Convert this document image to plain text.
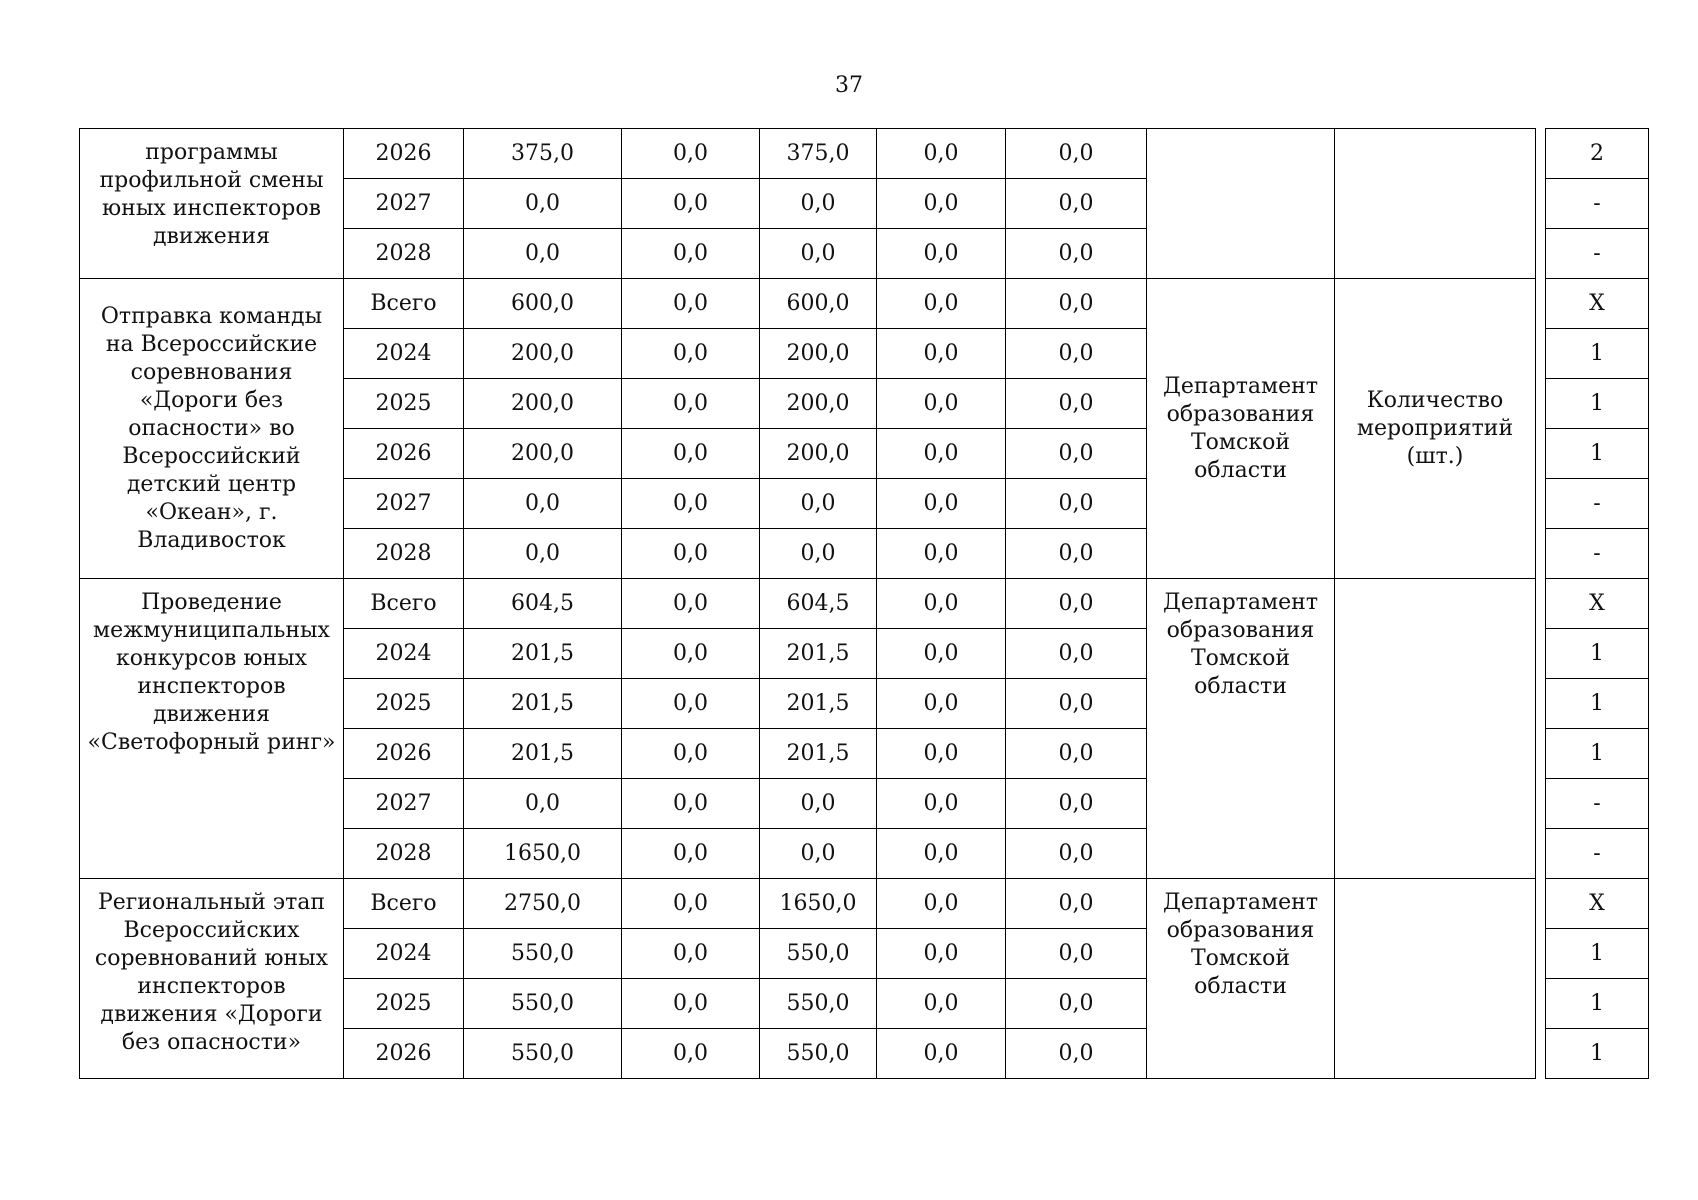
37
программы профильной смены юных инспекторов движения	2026	375,0	0,0	375,0	0,0	0,0				2
	2027	0,0	0,0	0,0	0,0	0,0				-
	2028	0,0	0,0	0,0	0,0	0,0				-
Отправка команды на Всероссийские соревнования «Дороги без опасности» во Всероссийский детский центр «Океан», г. Владивосток	Всего	600,0	0,0	600,0	0,0	0,0	Департамент образования Томской области	Количество мероприятий (шт.)		X
	2024	200,0	0,0	200,0	0,0	0,0				1
	2025	200,0	0,0	200,0	0,0	0,0				1
	2026	200,0	0,0	200,0	0,0	0,0				1
	2027	0,0	0,0	0,0	0,0	0,0				-
	2028	0,0	0,0	0,0	0,0	0,0				-
Проведение межмуниципальных конкурсов юных инспекторов движения «Светофорный ринг»	Всего	604,5	0,0	604,5	0,0	0,0	Департамент образования Томской области			X
	2024	201,5	0,0	201,5	0,0	0,0				1
	2025	201,5	0,0	201,5	0,0	0,0				1
	2026	201,5	0,0	201,5	0,0	0,0				1
	2027	0,0	0,0	0,0	0,0	0,0				-
	2028	1650,0	0,0	0,0	0,0	0,0				-
Региональный этап Всероссийских соревнований юных инспекторов движения «Дороги без опасности»	Всего	2750,0	0,0	1650,0	0,0	0,0	Департамент образования Томской области			X
	2024	550,0	0,0	550,0	0,0	0,0				1
	2025	550,0	0,0	550,0	0,0	0,0				1
	2026	550,0	0,0	550,0	0,0	0,0				1
